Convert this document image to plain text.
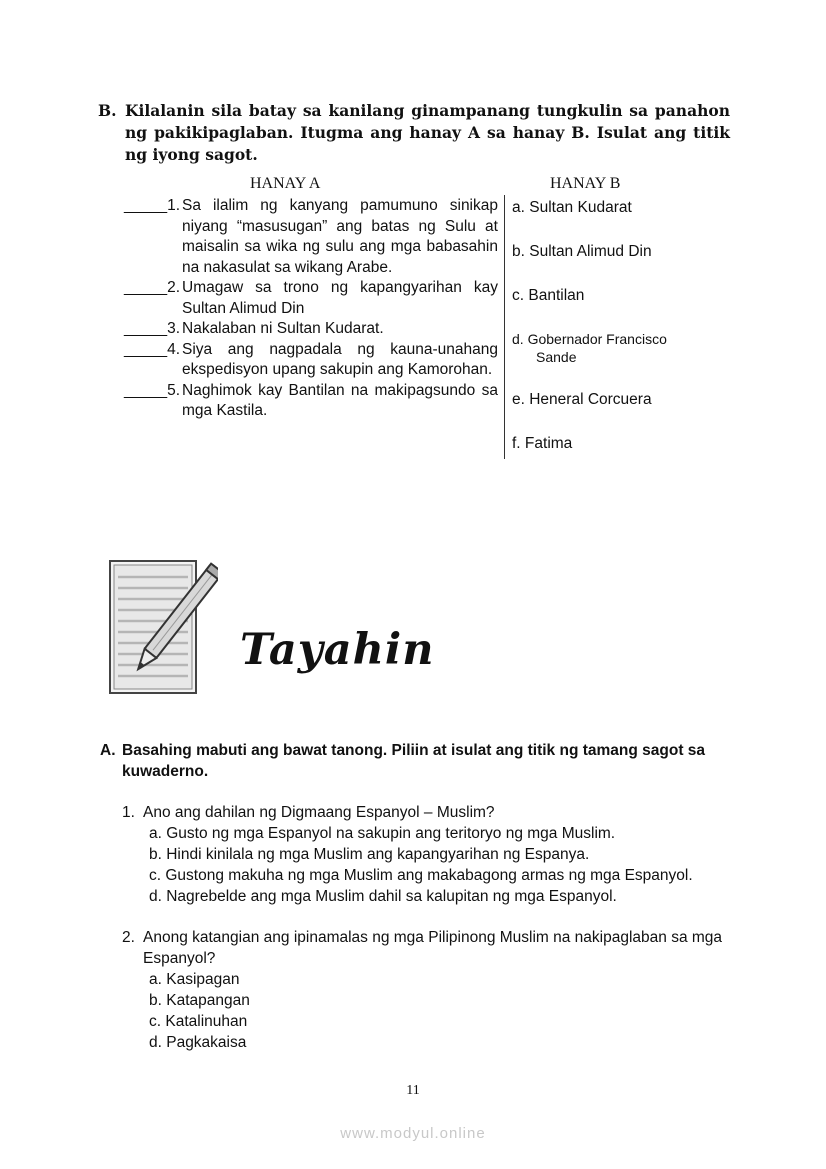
B. Kilalanin sila batay sa kanilang ginampanang tungkulin sa panahon ng pakikipaglaban. Itugma ang hanay A sa hanay B. Isulat ang titik ng iyong sagot.
HANAY A	HANAY B
_____1. Sa ilalim ng kanyang pamumuno sinikap niyang “masusugan” ang batas ng Sulu at maisalin sa wika ng sulu ang mga babasahin na nakasulat sa wikang Arabe.
_____2. Umagaw sa trono ng kapangyarihan kay Sultan Alimud Din
_____3. Nakalaban ni Sultan Kudarat.
_____4. Siya ang nagpadala ng kauna-unahang ekspedisyon upang sakupin ang Kamorohan.
_____5. Naghimok kay Bantilan na makipagsundo sa mga Kastila.
a. Sultan Kudarat
b. Sultan Alimud Din
c. Bantilan
d. Gobernador Francisco
Sande
e. Heneral Corcuera
f. Fatima
Tayahin
A. Basahing mabuti ang bawat tanong. Piliin at isulat ang titik ng tamang sagot sa kuwaderno.
1. Ano ang dahilan ng Digmaang Espanyol – Muslim?
a. Gusto ng mga Espanyol na sakupin ang teritoryo ng mga Muslim.
b. Hindi kinilala ng mga Muslim ang kapangyarihan ng Espanya.
c. Gustong makuha ng mga Muslim ang makabagong armas ng mga Espanyol.
d. Nagrebelde ang mga Muslim dahil sa kalupitan ng mga Espanyol.
2. Anong katangian ang ipinamalas ng mga Pilipinong Muslim na nakipaglaban sa mga Espanyol?
a. Kasipagan
b. Katapangan
c. Katalinuhan
d. Pagkakaisa
11
www.modyul.online
